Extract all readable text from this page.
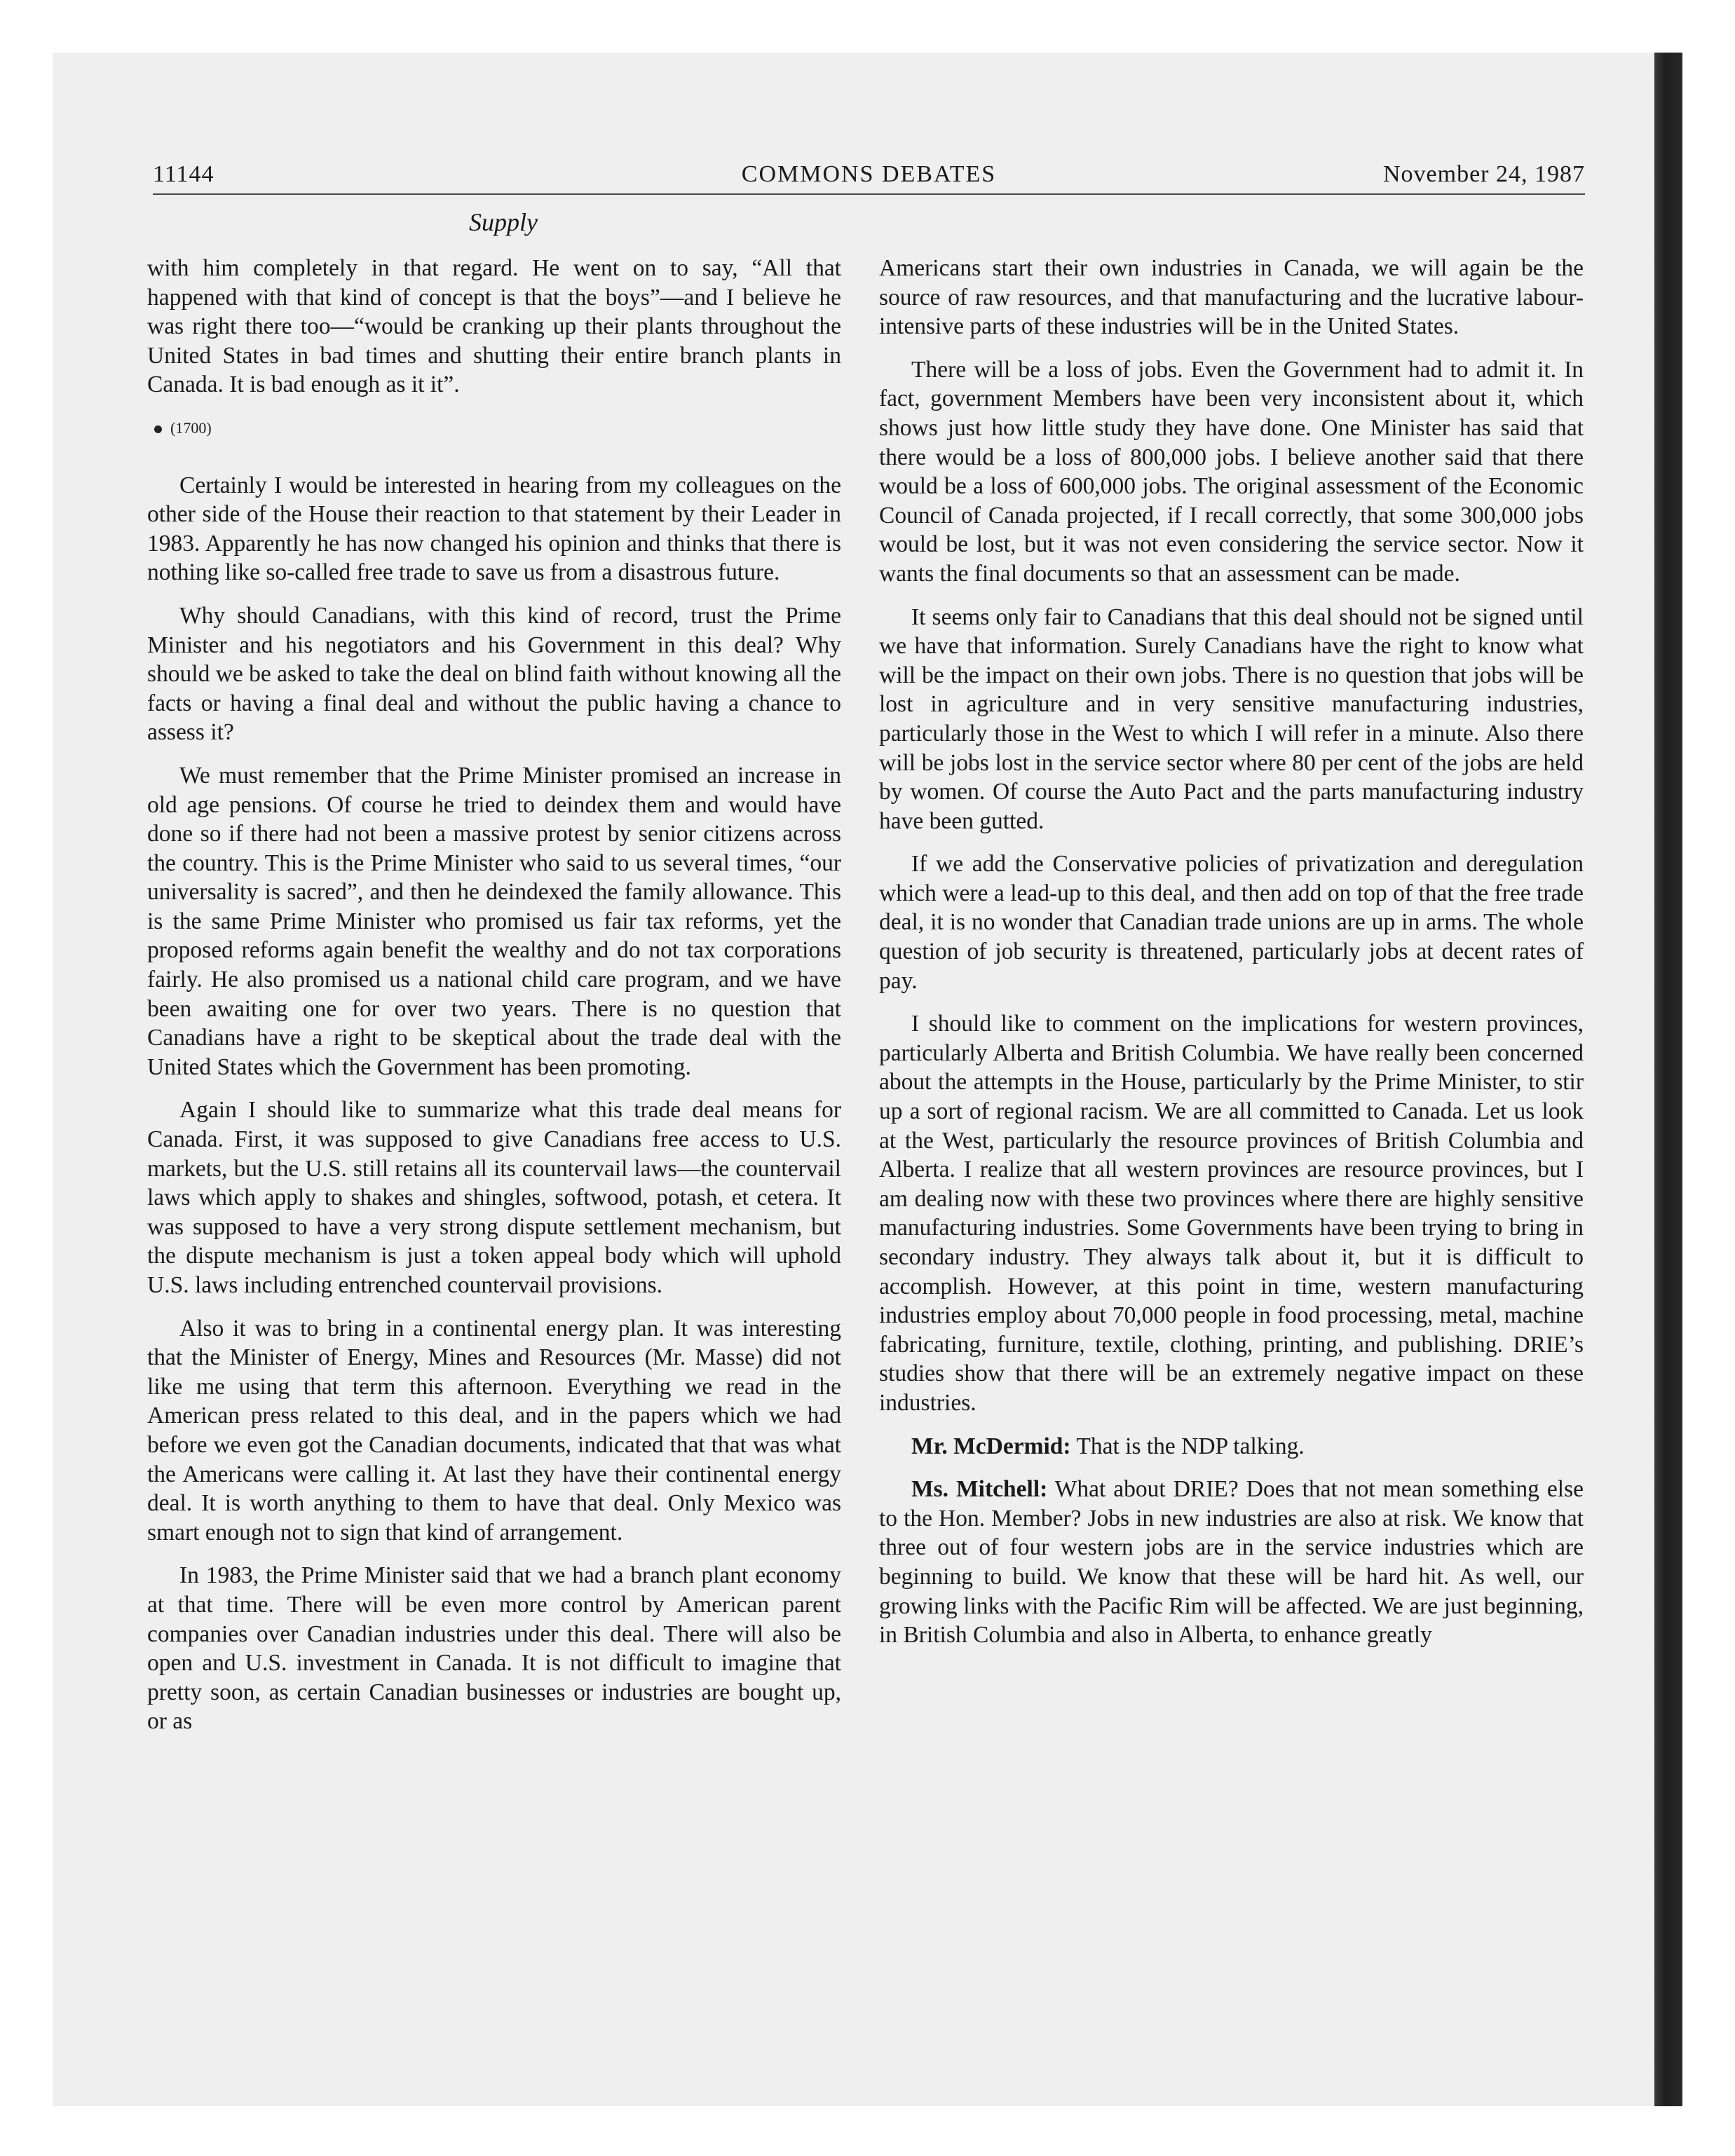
11144	COMMONS DEBATES	November 24, 1987
Supply

with him completely in that regard. He went on to say, “All that happened with that kind of concept is that the boys”—and I believe he was right there too—“would be cranking up their plants throughout the United States in bad times and shutting their entire branch plants in Canada. It is bad enough as it it”.

(1700)

Certainly I would be interested in hearing from my colleagues on the other side of the House their reaction to that statement by their Leader in 1983. Apparently he has now changed his opinion and thinks that there is nothing like so-called free trade to save us from a disastrous future.

Why should Canadians, with this kind of record, trust the Prime Minister and his negotiators and his Government in this deal? Why should we be asked to take the deal on blind faith without knowing all the facts or having a final deal and without the public having a chance to assess it?

We must remember that the Prime Minister promised an increase in old age pensions. Of course he tried to deindex them and would have done so if there had not been a massive protest by senior citizens across the country. This is the Prime Minister who said to us several times, “our universality is sacred”, and then he deindexed the family allowance. This is the same Prime Minister who promised us fair tax reforms, yet the proposed reforms again benefit the wealthy and do not tax corporations fairly. He also promised us a national child care program, and we have been awaiting one for over two years. There is no question that Canadians have a right to be skeptical about the trade deal with the United States which the Government has been promoting.

Again I should like to summarize what this trade deal means for Canada. First, it was supposed to give Canadians free access to U.S. markets, but the U.S. still retains all its countervail laws—the countervail laws which apply to shakes and shingles, softwood, potash, et cetera. It was supposed to have a very strong dispute settlement mechanism, but the dispute mechanism is just a token appeal body which will uphold U.S. laws including entrenched countervail provisions.

Also it was to bring in a continental energy plan. It was interesting that the Minister of Energy, Mines and Resources (Mr. Masse) did not like me using that term this afternoon. Everything we read in the American press related to this deal, and in the papers which we had before we even got the Canadian documents, indicated that that was what the Americans were calling it. At last they have their continental energy deal. It is worth anything to them to have that deal. Only Mexico was smart enough not to sign that kind of arrangement.

In 1983, the Prime Minister said that we had a branch plant economy at that time. There will be even more control by American parent companies over Canadian industries under this deal. There will also be open and U.S. investment in Canada. It is not difficult to imagine that pretty soon, as certain Canadian businesses or industries are bought up, or as

Americans start their own industries in Canada, we will again be the source of raw resources, and that manufacturing and the lucrative labour-intensive parts of these industries will be in the United States.

There will be a loss of jobs. Even the Government had to admit it. In fact, government Members have been very inconsistent about it, which shows just how little study they have done. One Minister has said that there would be a loss of 800,000 jobs. I believe another said that there would be a loss of 600,000 jobs. The original assessment of the Economic Council of Canada projected, if I recall correctly, that some 300,000 jobs would be lost, but it was not even considering the service sector. Now it wants the final documents so that an assessment can be made.

It seems only fair to Canadians that this deal should not be signed until we have that information. Surely Canadians have the right to know what will be the impact on their own jobs. There is no question that jobs will be lost in agriculture and in very sensitive manufacturing industries, particularly those in the West to which I will refer in a minute. Also there will be jobs lost in the service sector where 80 per cent of the jobs are held by women. Of course the Auto Pact and the parts manufacturing industry have been gutted.

If we add the Conservative policies of privatization and deregulation which were a lead-up to this deal, and then add on top of that the free trade deal, it is no wonder that Canadian trade unions are up in arms. The whole question of job security is threatened, particularly jobs at decent rates of pay.

I should like to comment on the implications for western provinces, particularly Alberta and British Columbia. We have really been concerned about the attempts in the House, particularly by the Prime Minister, to stir up a sort of regional racism. We are all committed to Canada. Let us look at the West, particularly the resource provinces of British Columbia and Alberta. I realize that all western provinces are resource provinces, but I am dealing now with these two provinces where there are highly sensitive manufacturing industries. Some Governments have been trying to bring in secondary industry. They always talk about it, but it is difficult to accomplish. However, at this point in time, western manufacturing industries employ about 70,000 people in food processing, metal, machine fabricating, furniture, textile, clothing, printing, and publishing. DRIE’s studies show that there will be an extremely negative impact on these industries.

Mr. McDermid: That is the NDP talking.

Ms. Mitchell: What about DRIE? Does that not mean something else to the Hon. Member? Jobs in new industries are also at risk. We know that three out of four western jobs are in the service industries which are beginning to build. We know that these will be hard hit. As well, our growing links with the Pacific Rim will be affected. We are just beginning, in British Columbia and also in Alberta, to enhance greatly
